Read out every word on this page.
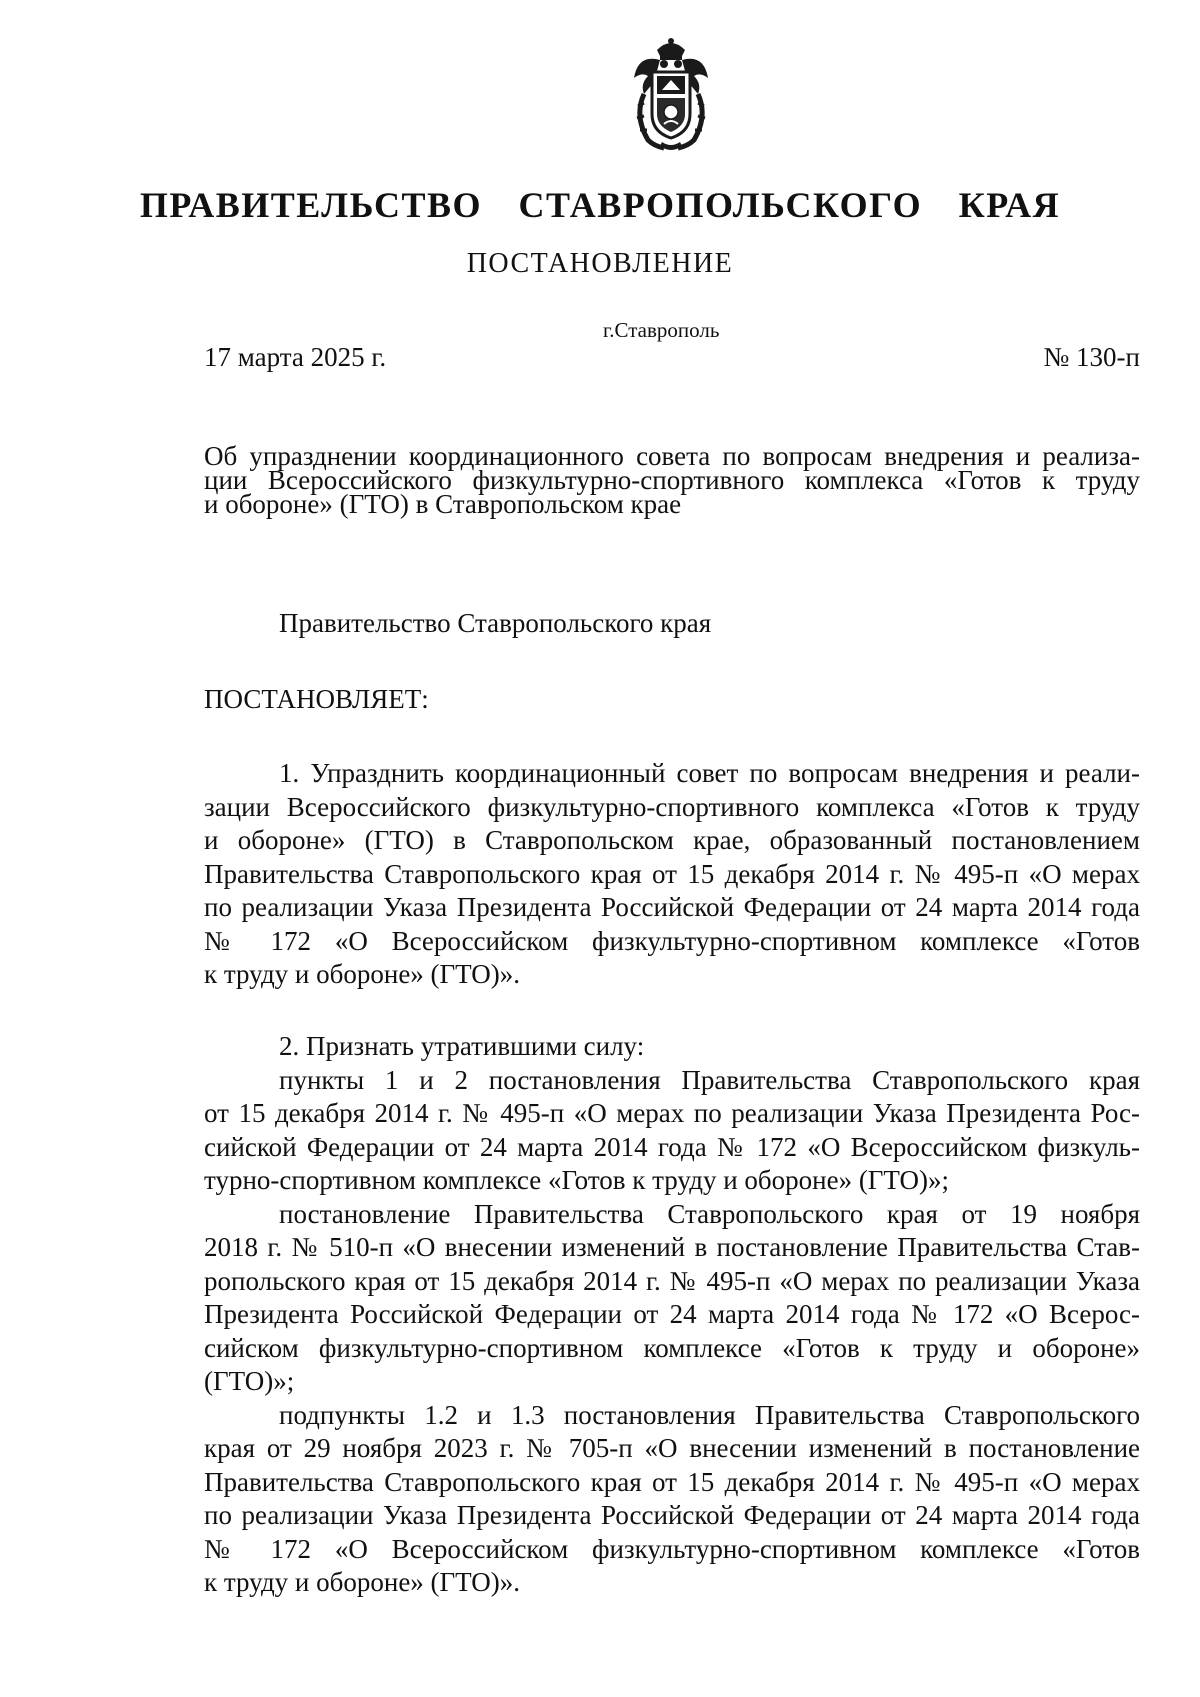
ПРАВИТЕЛЬСТВО СТАВРОПОЛЬСКОГО КРАЯ

ПОСТАНОВЛЕНИЕ

г.Ставрополь

17 марта 2025 г.	№ 130-п

Об упразднении координационного совета по вопросам внедрения и реализа-
ции Всероссийского физкультурно-спортивного комплекса «Готов к труду
и обороне» (ГТО) в Ставропольском крае

Правительство Ставропольского края

ПОСТАНОВЛЯЕТ:

1. Упразднить координационный совет по вопросам внедрения и реали-
зации Всероссийского физкультурно-спортивного комплекса «Готов к труду
и обороне» (ГТО) в Ставропольском крае, образованный постановлением
Правительства Ставропольского края от 15 декабря 2014 г. № 495-п «О мерах
по реализации Указа Президента Российской Федерации от 24 марта 2014 года
№ 172 «О Всероссийском физкультурно-спортивном комплексе «Готов
к труду и обороне» (ГТО)».
2. Признать утратившими силу:
пункты 1 и 2 постановления Правительства Ставропольского края
от 15 декабря 2014 г. № 495-п «О мерах по реализации Указа Президента Рос-
сийской Федерации от 24 марта 2014 года № 172 «О Всероссийском физкуль-
турно-спортивном комплексе «Готов к труду и обороне» (ГТО)»;
постановление Правительства Ставропольского края от 19 ноября
2018 г. № 510-п «О внесении изменений в постановление Правительства Став-
ропольского края от 15 декабря 2014 г. № 495-п «О мерах по реализации Указа
Президента Российской Федерации от 24 марта 2014 года № 172 «О Всерос-
сийском физкультурно-спортивном комплексе «Готов к труду и обороне»
(ГТО)»;
подпункты 1.2 и 1.3 постановления Правительства Ставропольского
края от 29 ноября 2023 г. № 705-п «О внесении изменений в постановление
Правительства Ставропольского края от 15 декабря 2014 г. № 495-п «О мерах
по реализации Указа Президента Российской Федерации от 24 марта 2014 года
№ 172 «О Всероссийском физкультурно-спортивном комплексе «Готов
к труду и обороне» (ГТО)».
